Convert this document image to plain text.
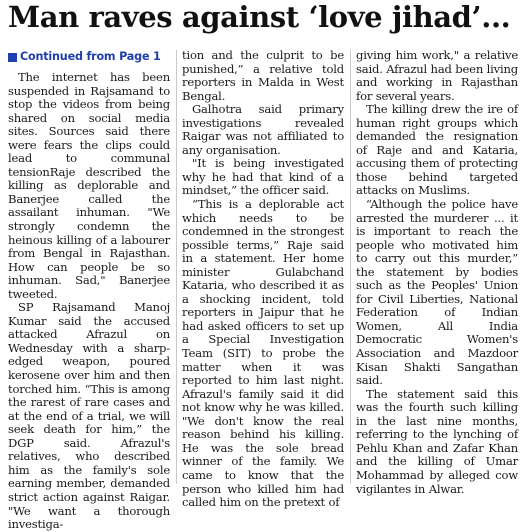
Man raves against ‘love jihad’...
Continued from Page 1

The internet has been suspended in Rajsamand to stop the videos from being shared on social media sites. Sources said there were fears the clips could lead to communal tensionRaje described the killing as deplorable and Banerjee called the assailant inhuman. "We strongly condemn the heinous killing of a labourer from Bengal in Rajasthan. How can people be so inhuman. Sad," Banerjee tweeted.

SP Rajsamand Manoj Kumar said the accused attacked Afrazul on Wednesday with a sharp-edged weapon, poured kerosene over him and then torched him. “This is among the rarest of rare cases and at the end of a trial, we will seek death for him,” the DGP said. Afrazul's relatives, who described him as the family's sole earning member, demanded strict action against Raigar. "We want a thorough investiga-

tion and the culprit to be punished,” a relative told reporters in Malda in West Bengal.

Galhotra said primary investigations revealed Raigar was not affiliated to any organisation.

"It is being investigated why he had that kind of a mindset,” the officer said.

“This is a deplorable act which needs to be condemned in the strongest possible terms,” Raje said in a statement. Her home minister Gulabchand Kataria, who described it as a shocking incident, told reporters in Jaipur that he had asked officers to set up a Special Investigation Team (SIT) to probe the matter when it was reported to him last night. Afrazul's family said it did not know why he was killed. "We don't know the real reason behind his killing. He was the sole bread winner of the family. We came to know that the person who killed him had called him on the pretext of

giving him work," a relative said. Afrazul had been living and working in Rajasthan for several years.

The killing drew the ire of human right groups which demanded the resignation of Raje and and Kataria, accusing them of protecting those behind targeted attacks on Muslims.

“Although the police have arrested the murderer ... it is important to reach the people who motivated him to carry out this murder,” the statement by bodies such as the Peoples' Union for Civil Liberties, National Federation of Indian Women, All India Democratic Women's Association and Mazdoor Kisan Shakti Sangathan said.

The statement said this was the fourth such killing in the last nine months, referring to the lynching of Pehlu Khan and Zafar Khan and the killing of Umar Mohammad by alleged cow vigilantes in Alwar.
